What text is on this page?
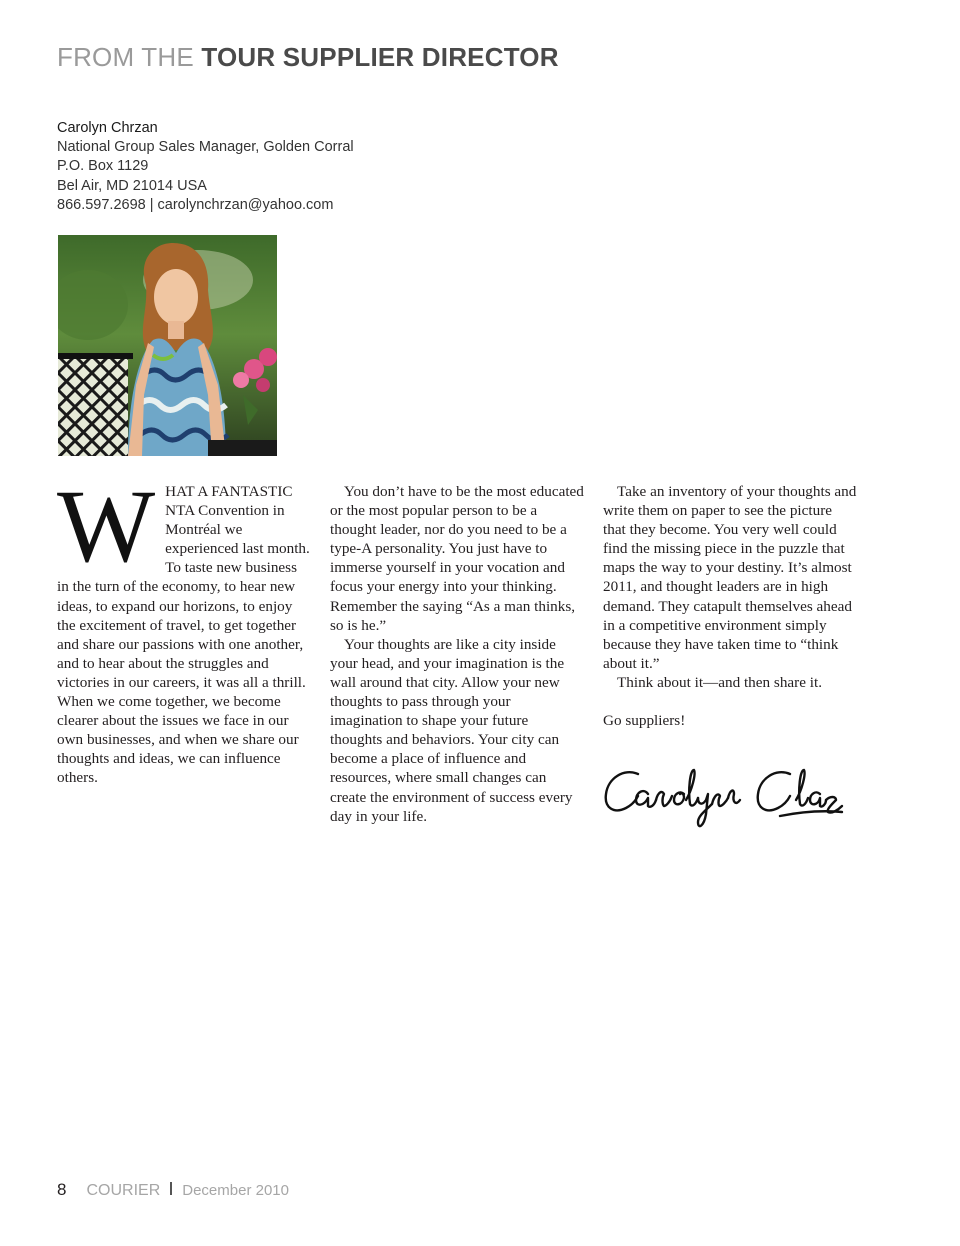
FROM THE TOUR SUPPLIER DIRECTOR
Carolyn Chrzan
National Group Sales Manager, Golden Corral
P.O. Box 1129
Bel Air, MD 21014 USA
866.597.2698 | carolynchrzan@yahoo.com

WHAT A FANTASTIC NTA Convention in Montréal we experienced last month. To taste new business in the turn of the economy, to hear new ideas, to expand our horizons, to enjoy the excitement of travel, to get together and share our passions with one another, and to hear about the struggles and victories in our careers, it was all a thrill. When we come together, we become clearer about the issues we face in our own businesses, and when we share our thoughts and ideas, we can influence others.

You don’t have to be the most educated or the most popular person to be a thought leader, nor do you need to be a type-A personality. You just have to immerse yourself in your vocation and focus your energy into your thinking. Remember the saying “As a man thinks, so is he.”

Your thoughts are like a city inside your head, and your imagination is the wall around that city. Allow your new thoughts to pass through your imagination to shape your future thoughts and behaviors. Your city can become a place of influence and resources, where small changes can create the environment of success every day in your life.

Take an inventory of your thoughts and write them on paper to see the picture that they become. You very well could find the missing piece in the puzzle that maps the way to your destiny. It’s almost 2011, and thought leaders are in high demand. They catapult themselves ahead in a competitive environment simply because they have taken time to “think about it.”

Think about it—and then share it.

Go suppliers!

8 COURIER December 2010
